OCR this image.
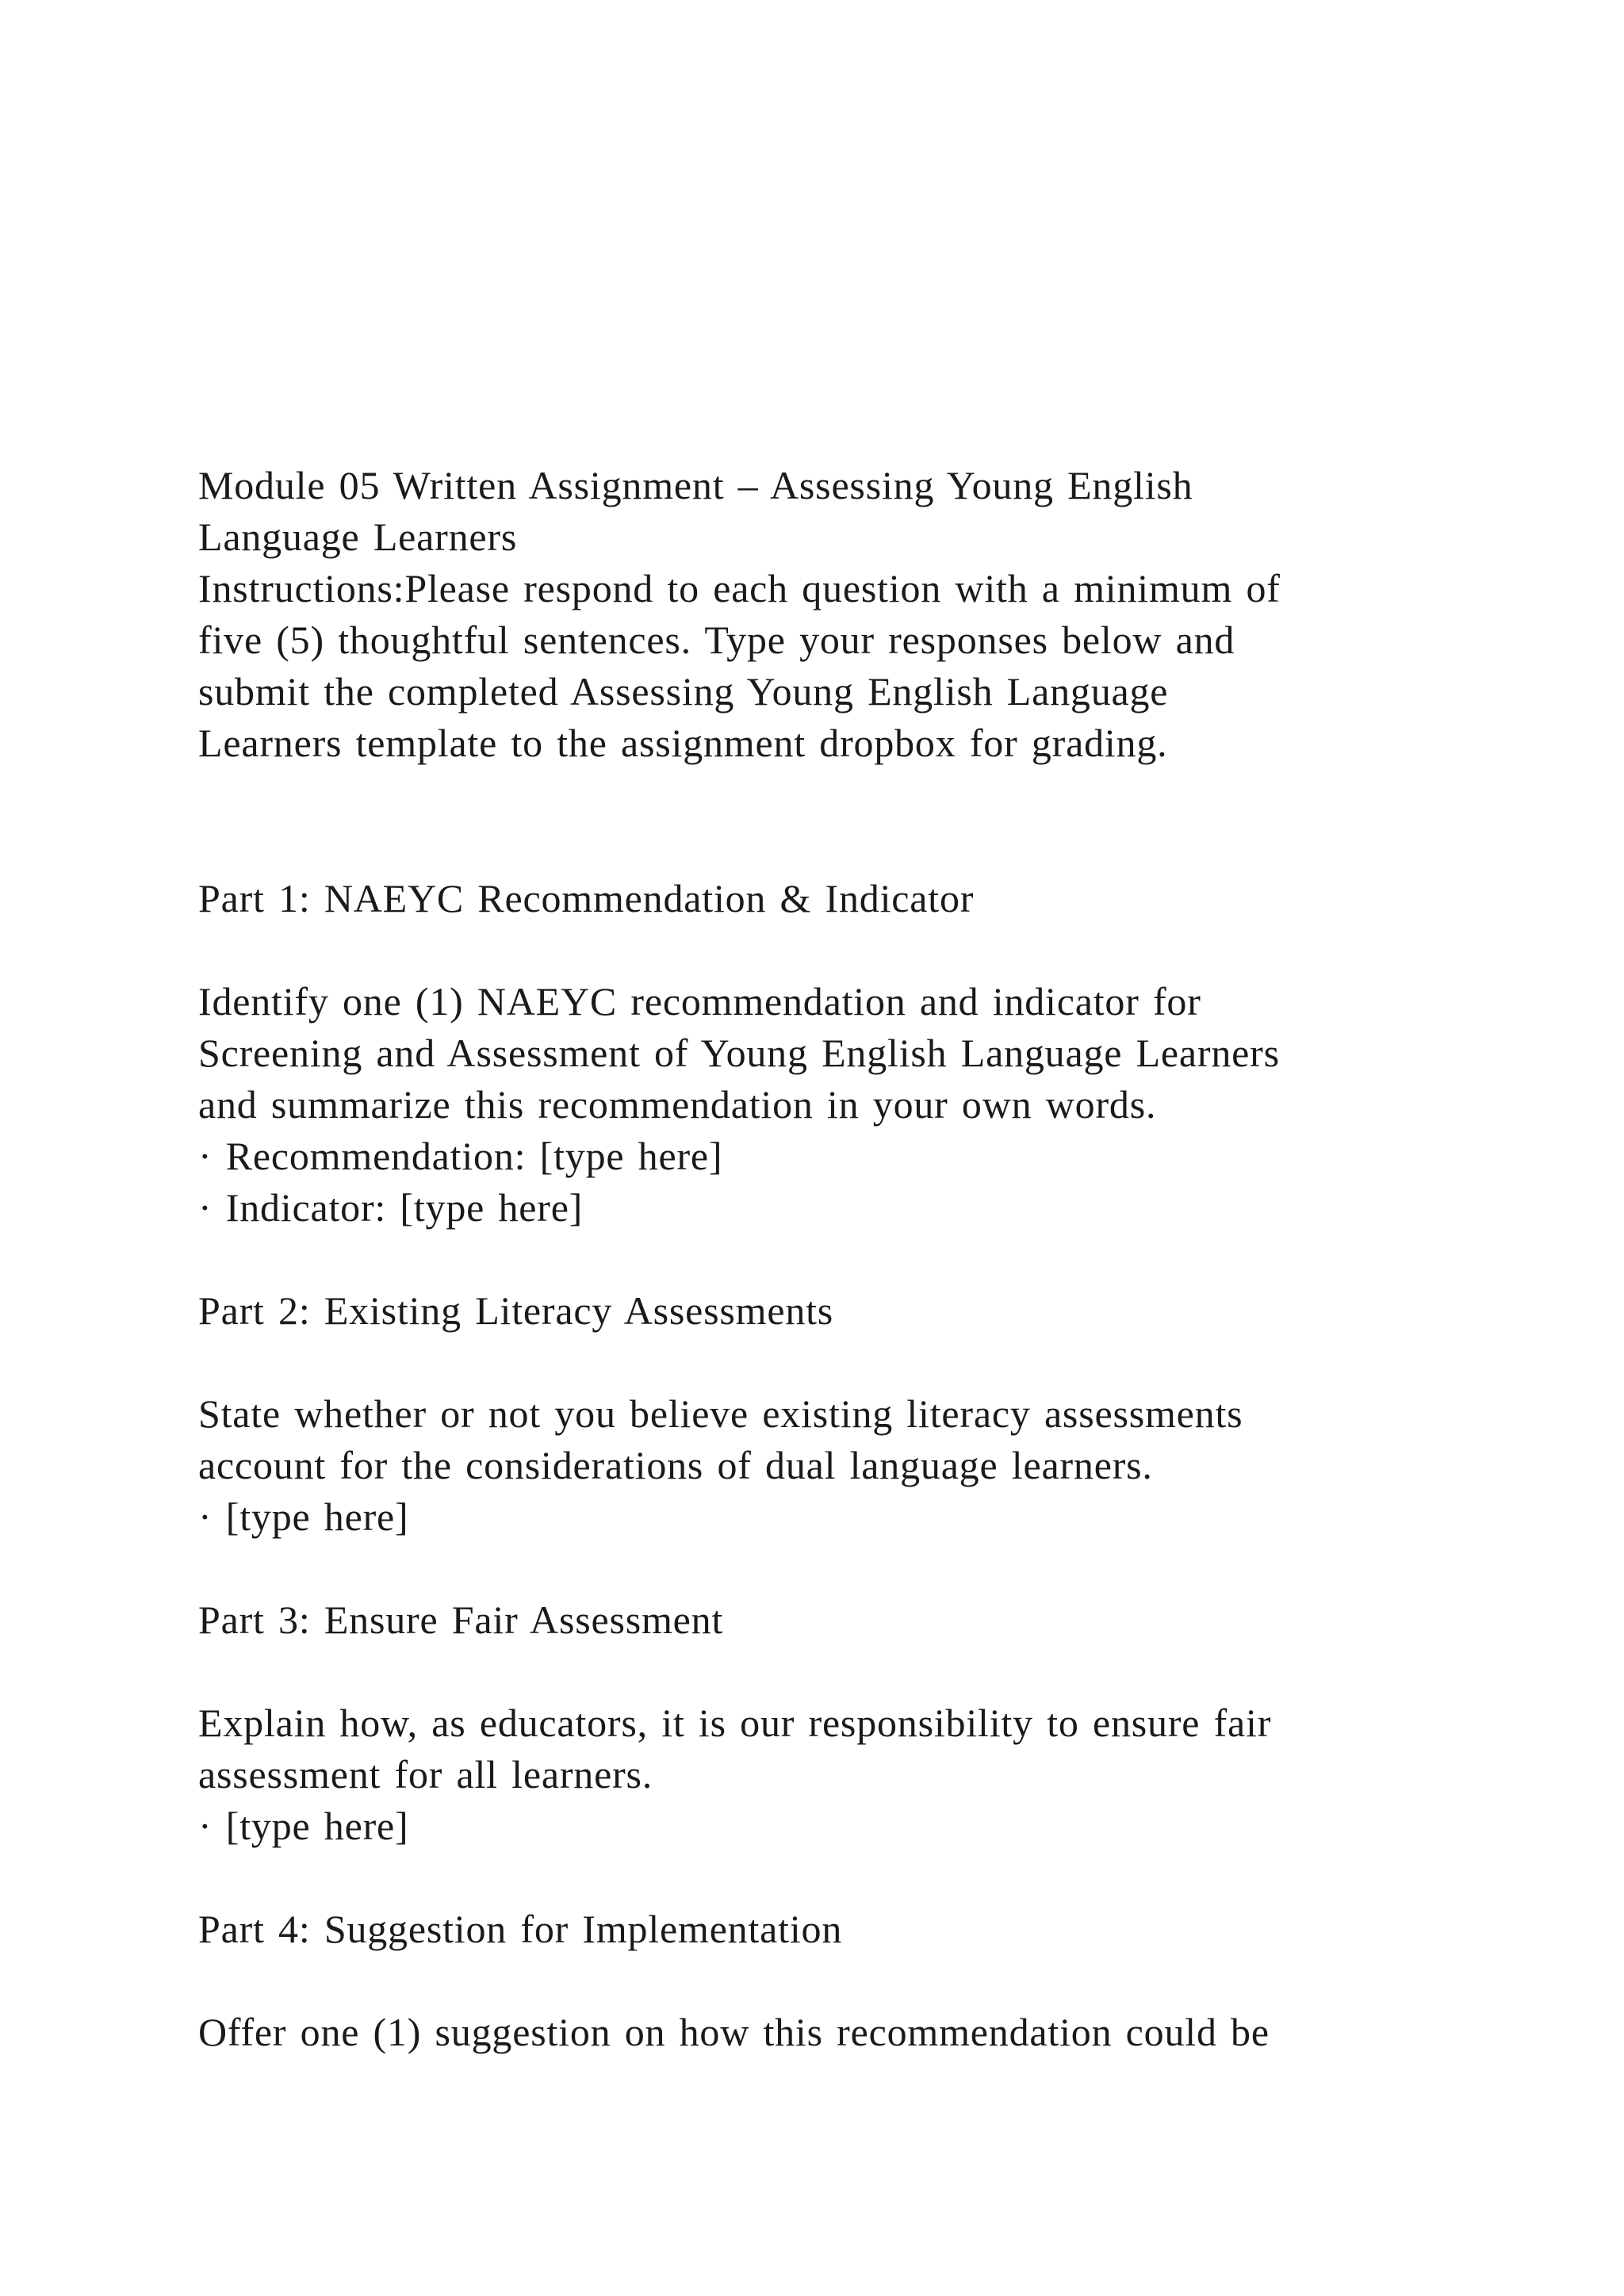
Module 05 Written Assignment – Assessing Young English
Language Learners
Instructions:Please respond to each question with a minimum of
five (5) thoughtful sentences. Type your responses below and
submit the completed Assessing Young English Language
Learners template to the assignment dropbox for grading.
Part 1: NAEYC Recommendation & Indicator
Identify one (1) NAEYC recommendation and indicator for
Screening and Assessment of Young English Language Learners
and summarize this recommendation in your own words.
· Recommendation: [type here]
· Indicator: [type here]
Part 2: Existing Literacy Assessments
State whether or not you believe existing literacy assessments
account for the considerations of dual language learners.
· [type here]
Part 3: Ensure Fair Assessment
Explain how, as educators, it is our responsibility to ensure fair
assessment for all learners.
· [type here]
Part 4: Suggestion for Implementation
Offer one (1) suggestion on how this recommendation could be
